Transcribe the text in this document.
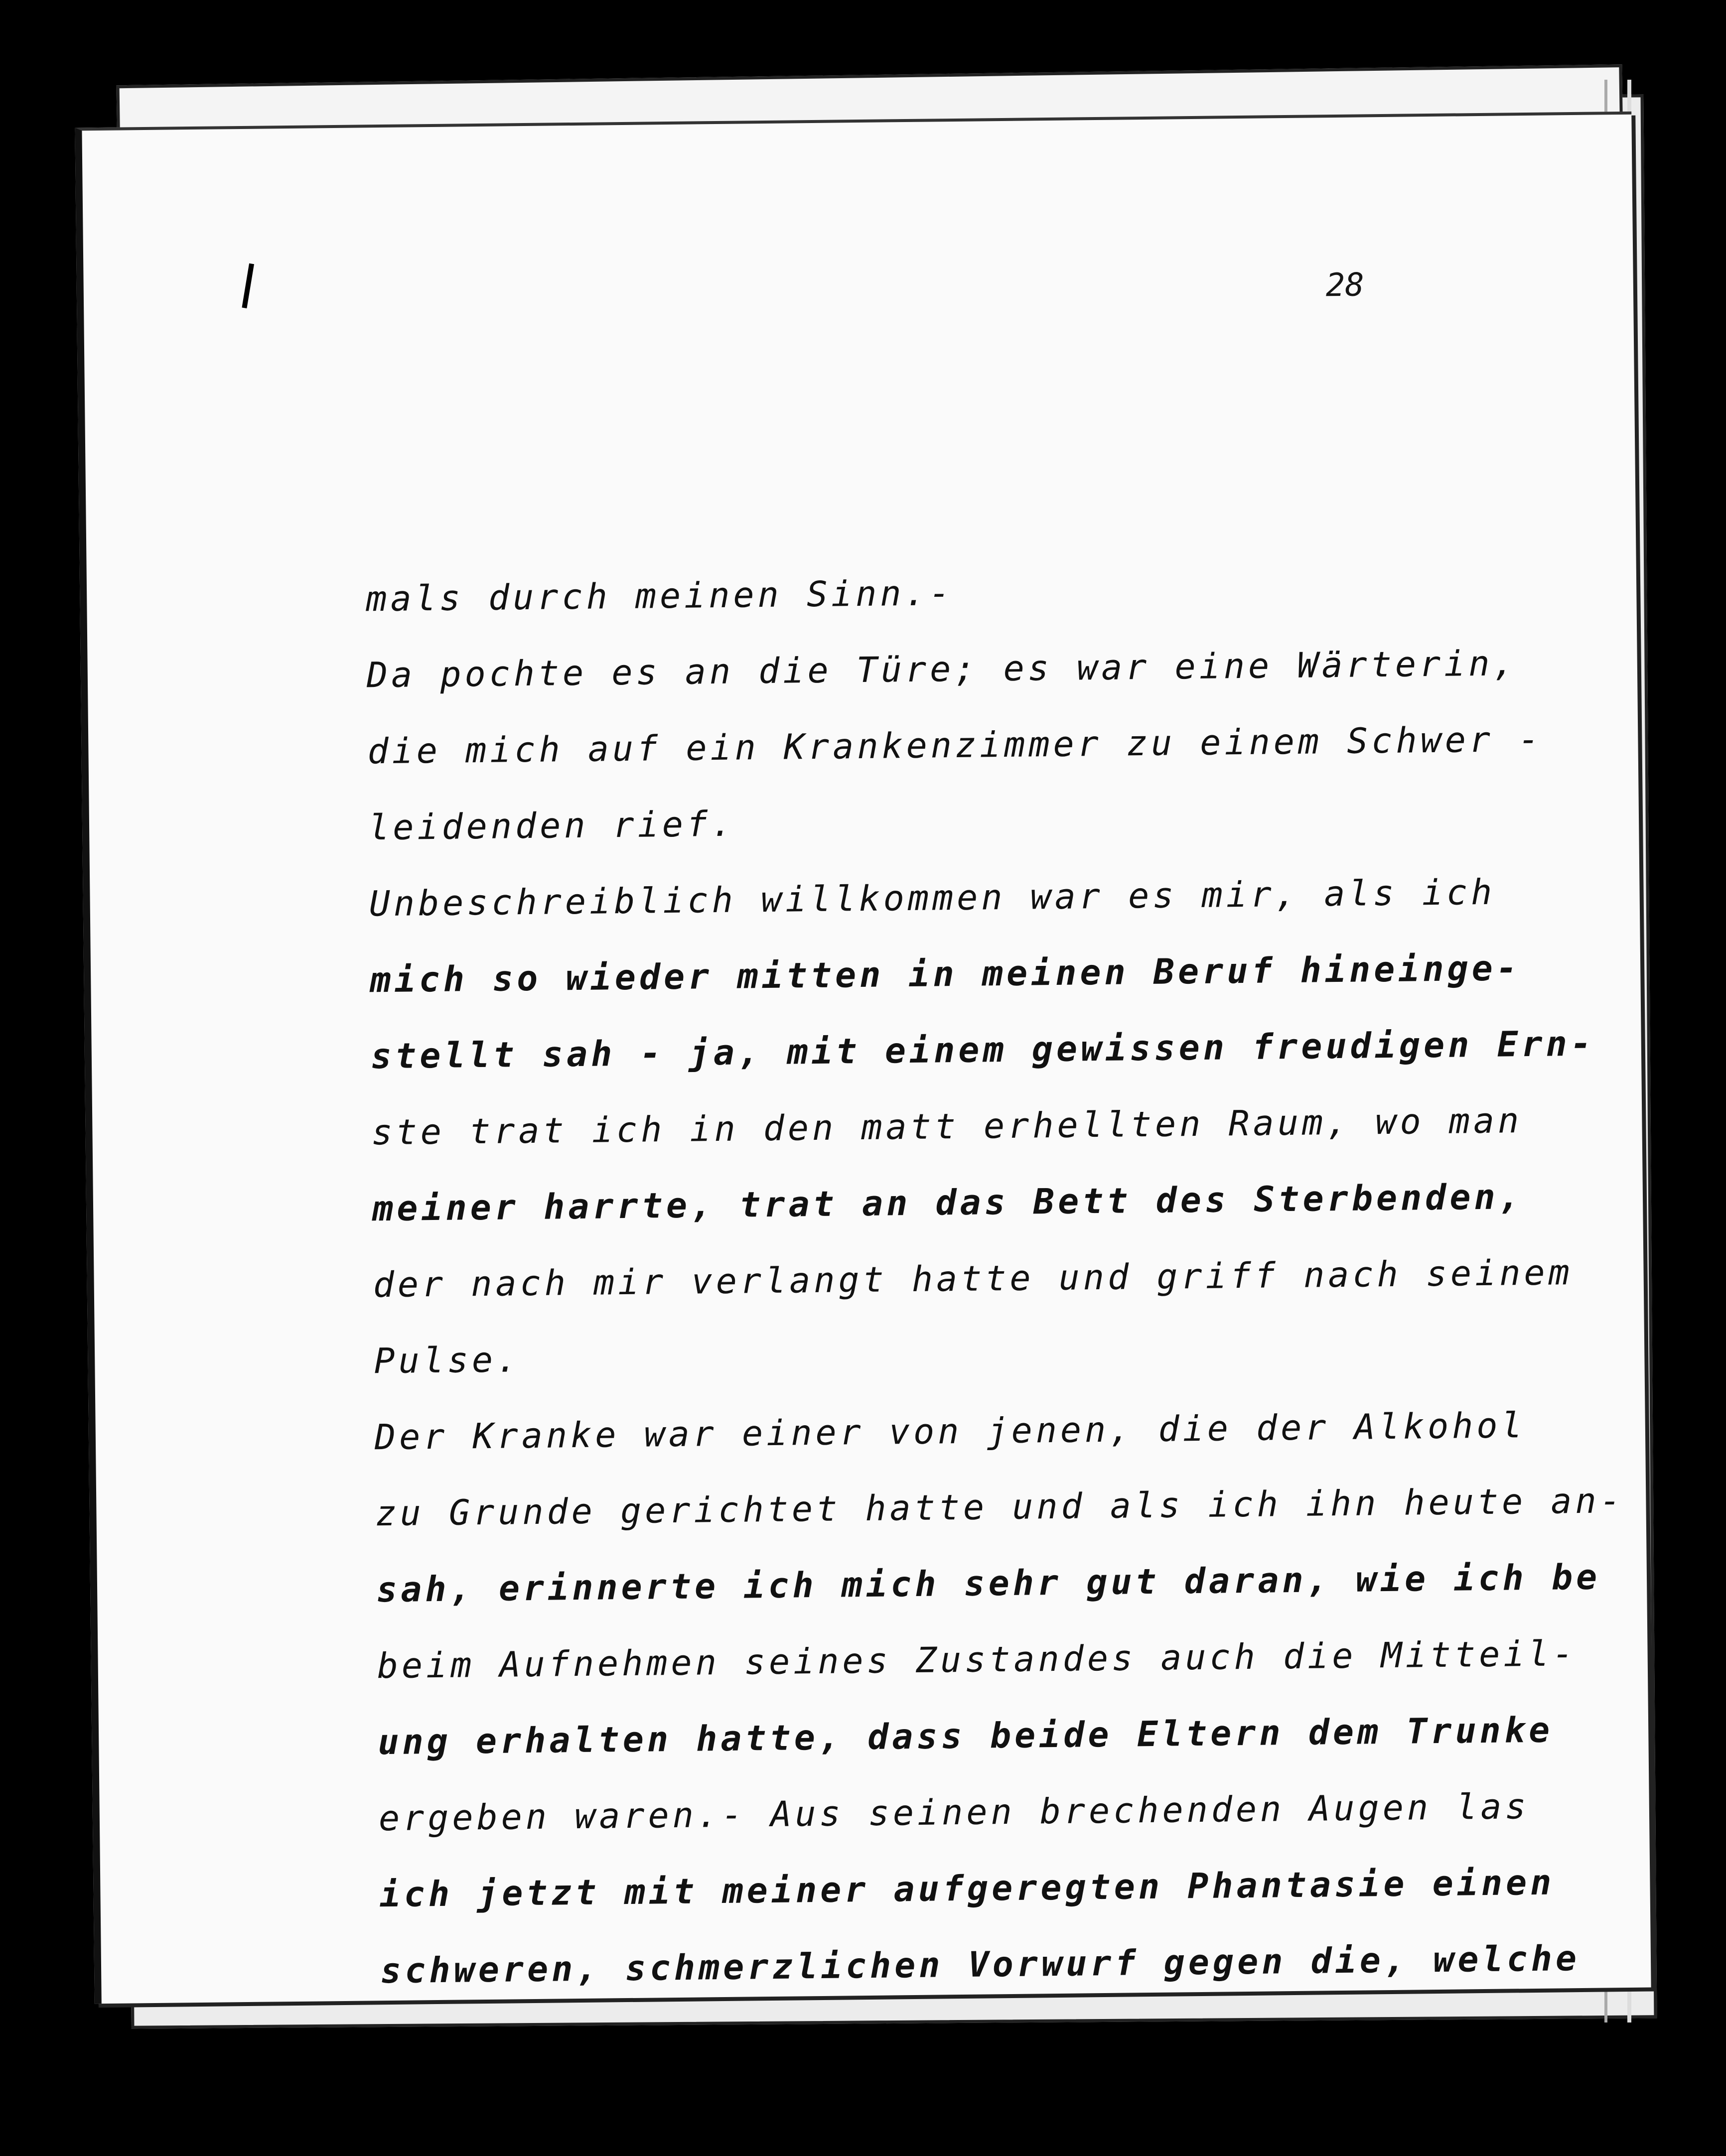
28
mals durch meinen Sinn.-
Da pochte es an die Türe; es war eine Wärterin,
die mich auf ein Krankenzimmer zu einem Schwer -
leidenden rief.
Unbeschreiblich willkommen war es mir, als ich
mich so wieder mitten in meinen Beruf hineinge-
stellt sah - ja, mit einem gewissen freudigen Ern-
ste trat ich in den matt erhellten Raum, wo man
meiner harrte, trat an das Bett des Sterbenden,
der nach mir verlangt hatte und griff nach seinem
Pulse.
Der Kranke war einer von jenen, die der Alkohol
zu Grunde gerichtet hatte und als ich ihn heute an-
sah, erinnerte ich mich sehr gut daran, wie ich be
beim Aufnehmen seines Zustandes auch die Mitteil-
ung erhalten hatte, dass beide Eltern dem Trunke
ergeben waren.- Aus seinen brechenden Augen las
ich jetzt mit meiner aufgeregten Phantasie einen
schweren, schmerzlichen Vorwurf gegen die, welche
